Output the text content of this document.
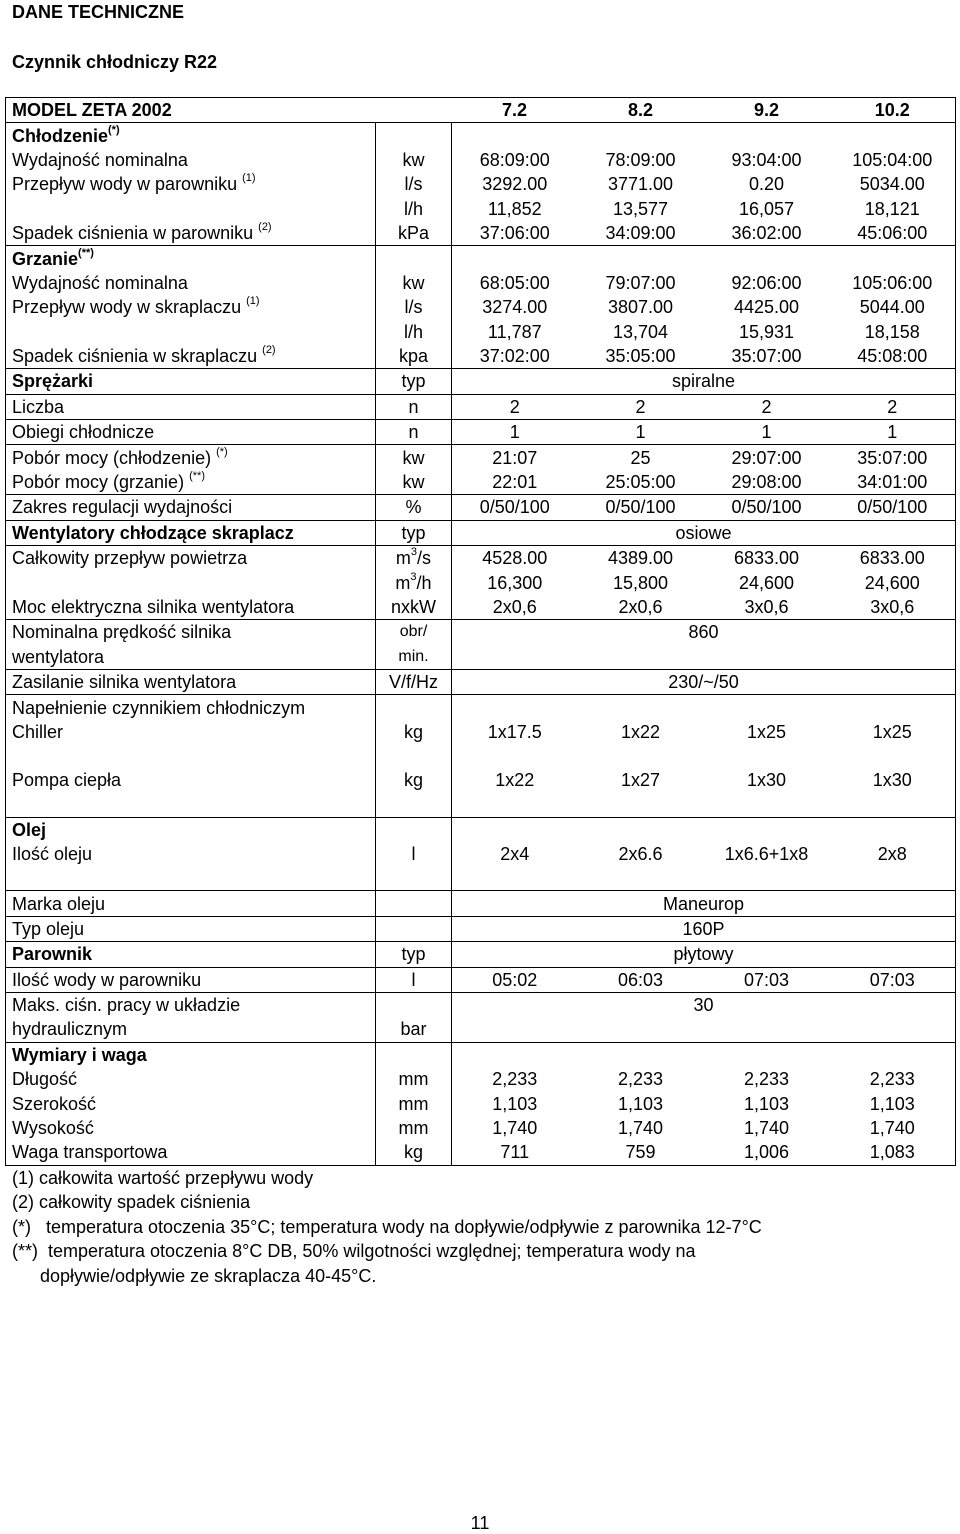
DANE TECHNICZNE
Czynnik chłodniczy R22
MODEL ZETA 2002		7.2	8.2	9.2	10.2
Chłodzenie(*)					
Wydajność nominalna	kw	68:09:00	78:09:00	93:04:00	105:04:00
Przepływ wody w parowniku $^{(1)}$	l/s	3292.00	3771.00	0.20	5034.00
	l/h	11,852	13,577	16,057	18,121
Spadek ciśnienia w parowniku $^{(2)}$	kPa	37:06:00	34:09:00	36:02:00	45:06:00
Grzanie(**)					
Wydajność nominalna	kw	68:05:00	79:07:00	92:06:00	105:06:00
Przepływ wody w skraplaczu $^{(1)}$	l/s	3274.00	3807.00	4425.00	5044.00
	l/h	11,787	13,704	15,931	18,158
Spadek ciśnienia w skraplaczu $^{(2)}$	kpa	37:02:00	35:05:00	35:07:00	45:08:00
Sprężarki	typ	spiralne			
Liczba	n	2	2	2	2
Obiegi chłodnicze	n	1	1	1	1
Pobór mocy (chłodzenie) (*)	kw	21:07	25	29:07:00	35:07:00
Pobór mocy (grzanie) (**)	kw	22:01	25:05:00	29:08:00	34:01:00
Zakres regulacji wydajności	%	0/50/100	0/50/100	0/50/100	0/50/100
Wentylatory chłodzące skraplacz	typ	osiowe			
Całkowity przepływ powietrza	$m^3/s$	4528.00	4389.00	6833.00	6833.00
	$m^3/h$	16,300	15,800	24,600	24,600
Moc elektryczna silnika wentylatora	nxkW	2x0,6	2x0,6	3x0,6	3x0,6
Nominalna prędkość silnika	obr/	860			
wentylatora	min.				
Zasilanie silnika wentylatora	V/f/Hz	230/~/50			
Napełnienie czynnikiem chłodniczym					
Chiller	kg	1x17.5	1x22	1x25	1x25

Pompa ciepła	kg	1x22	1x27	1x30	1x30

Olej					
Ilość oleju	l	2x4	2x6.6	1x6.6+1x8	2x8

Marka oleju		Maneurop			
Typ oleju		160P			
Parownik	typ	płytowy			
Ilość wody w parowniku	l	05:02	06:03	07:03	07:03
Maks. ciśn. pracy w układzie		30			
hydraulicznym	bar				
Wymiary i waga					
Długość	mm	2,233	2,233	2,233	2,233
Szerokość	mm	1,103	1,103	1,103	1,103
Wysokość	mm	1,740	1,740	1,740	1,740
Waga transportowa	kg	711	759	1,006	1,083
(1) całkowita wartość przepływu wody
(2) całkowity spadek ciśnienia
(*)   temperatura otoczenia 35°C; temperatura wody na dopływie/odpływie z parownika 12-7°C
(**)  temperatura otoczenia 8°C DB, 50% wilgotności względnej; temperatura wody na
dopływie/odpływie ze skraplacza 40-45°C.
11
